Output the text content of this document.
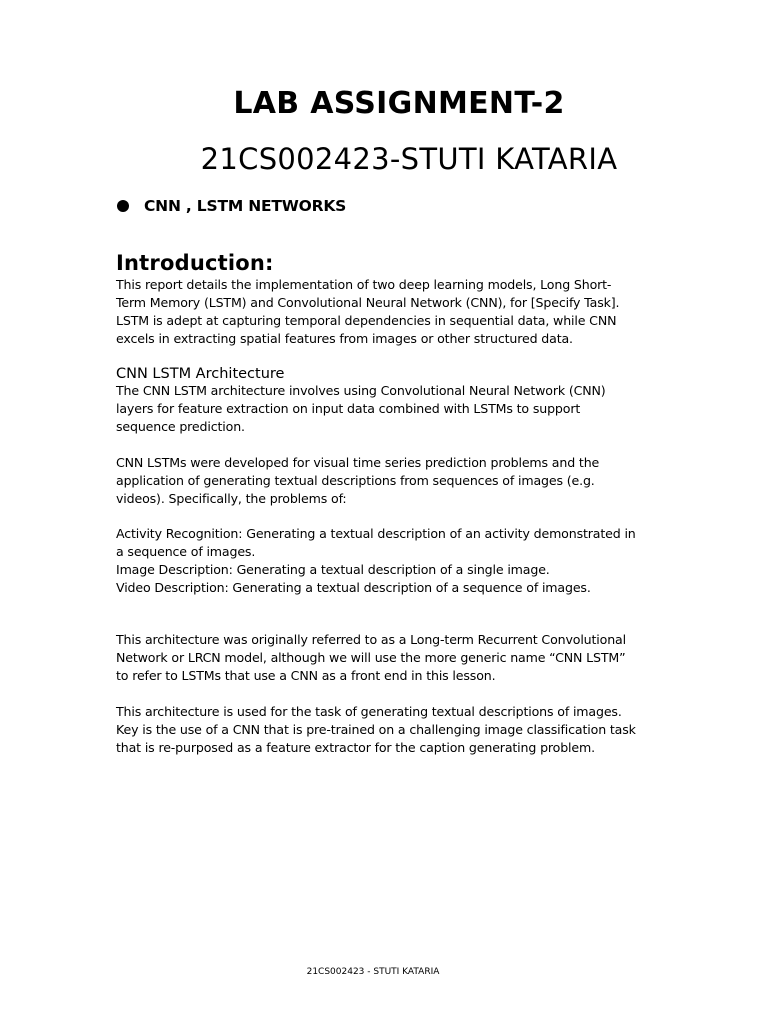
LAB ASSIGNMENT-2
21CS002423-STUTI KATARIA
CNN , LSTM NETWORKS
Introduction:

This report details the implementation of two deep learning models, Long Short-

Term Memory (LSTM) and Convolutional Neural Network (CNN), for [Specify Task].

LSTM is adept at capturing temporal dependencies in sequential data, while CNN

excels in extracting spatial features from images or other structured data.

CNN LSTM Architecture

The CNN LSTM architecture involves using Convolutional Neural Network (CNN)

layers for feature extraction on input data combined with LSTMs to support

sequence prediction.

CNN LSTMs were developed for visual time series prediction problems and the

application of generating textual descriptions from sequences of images (e.g.

videos). Specifically, the problems of:

Activity Recognition: Generating a textual description of an activity demonstrated in

a sequence of images.

Image Description: Generating a textual description of a single image.

Video Description: Generating a textual description of a sequence of images.

This architecture was originally referred to as a Long-term Recurrent Convolutional

Network or LRCN model, although we will use the more generic name “CNN LSTM”

to refer to LSTMs that use a CNN as a front end in this lesson.

This architecture is used for the task of generating textual descriptions of images.

Key is the use of a CNN that is pre-trained on a challenging image classification task

that is re-purposed as a feature extractor for the caption generating problem.

21CS002423 - STUTI KATARIA
